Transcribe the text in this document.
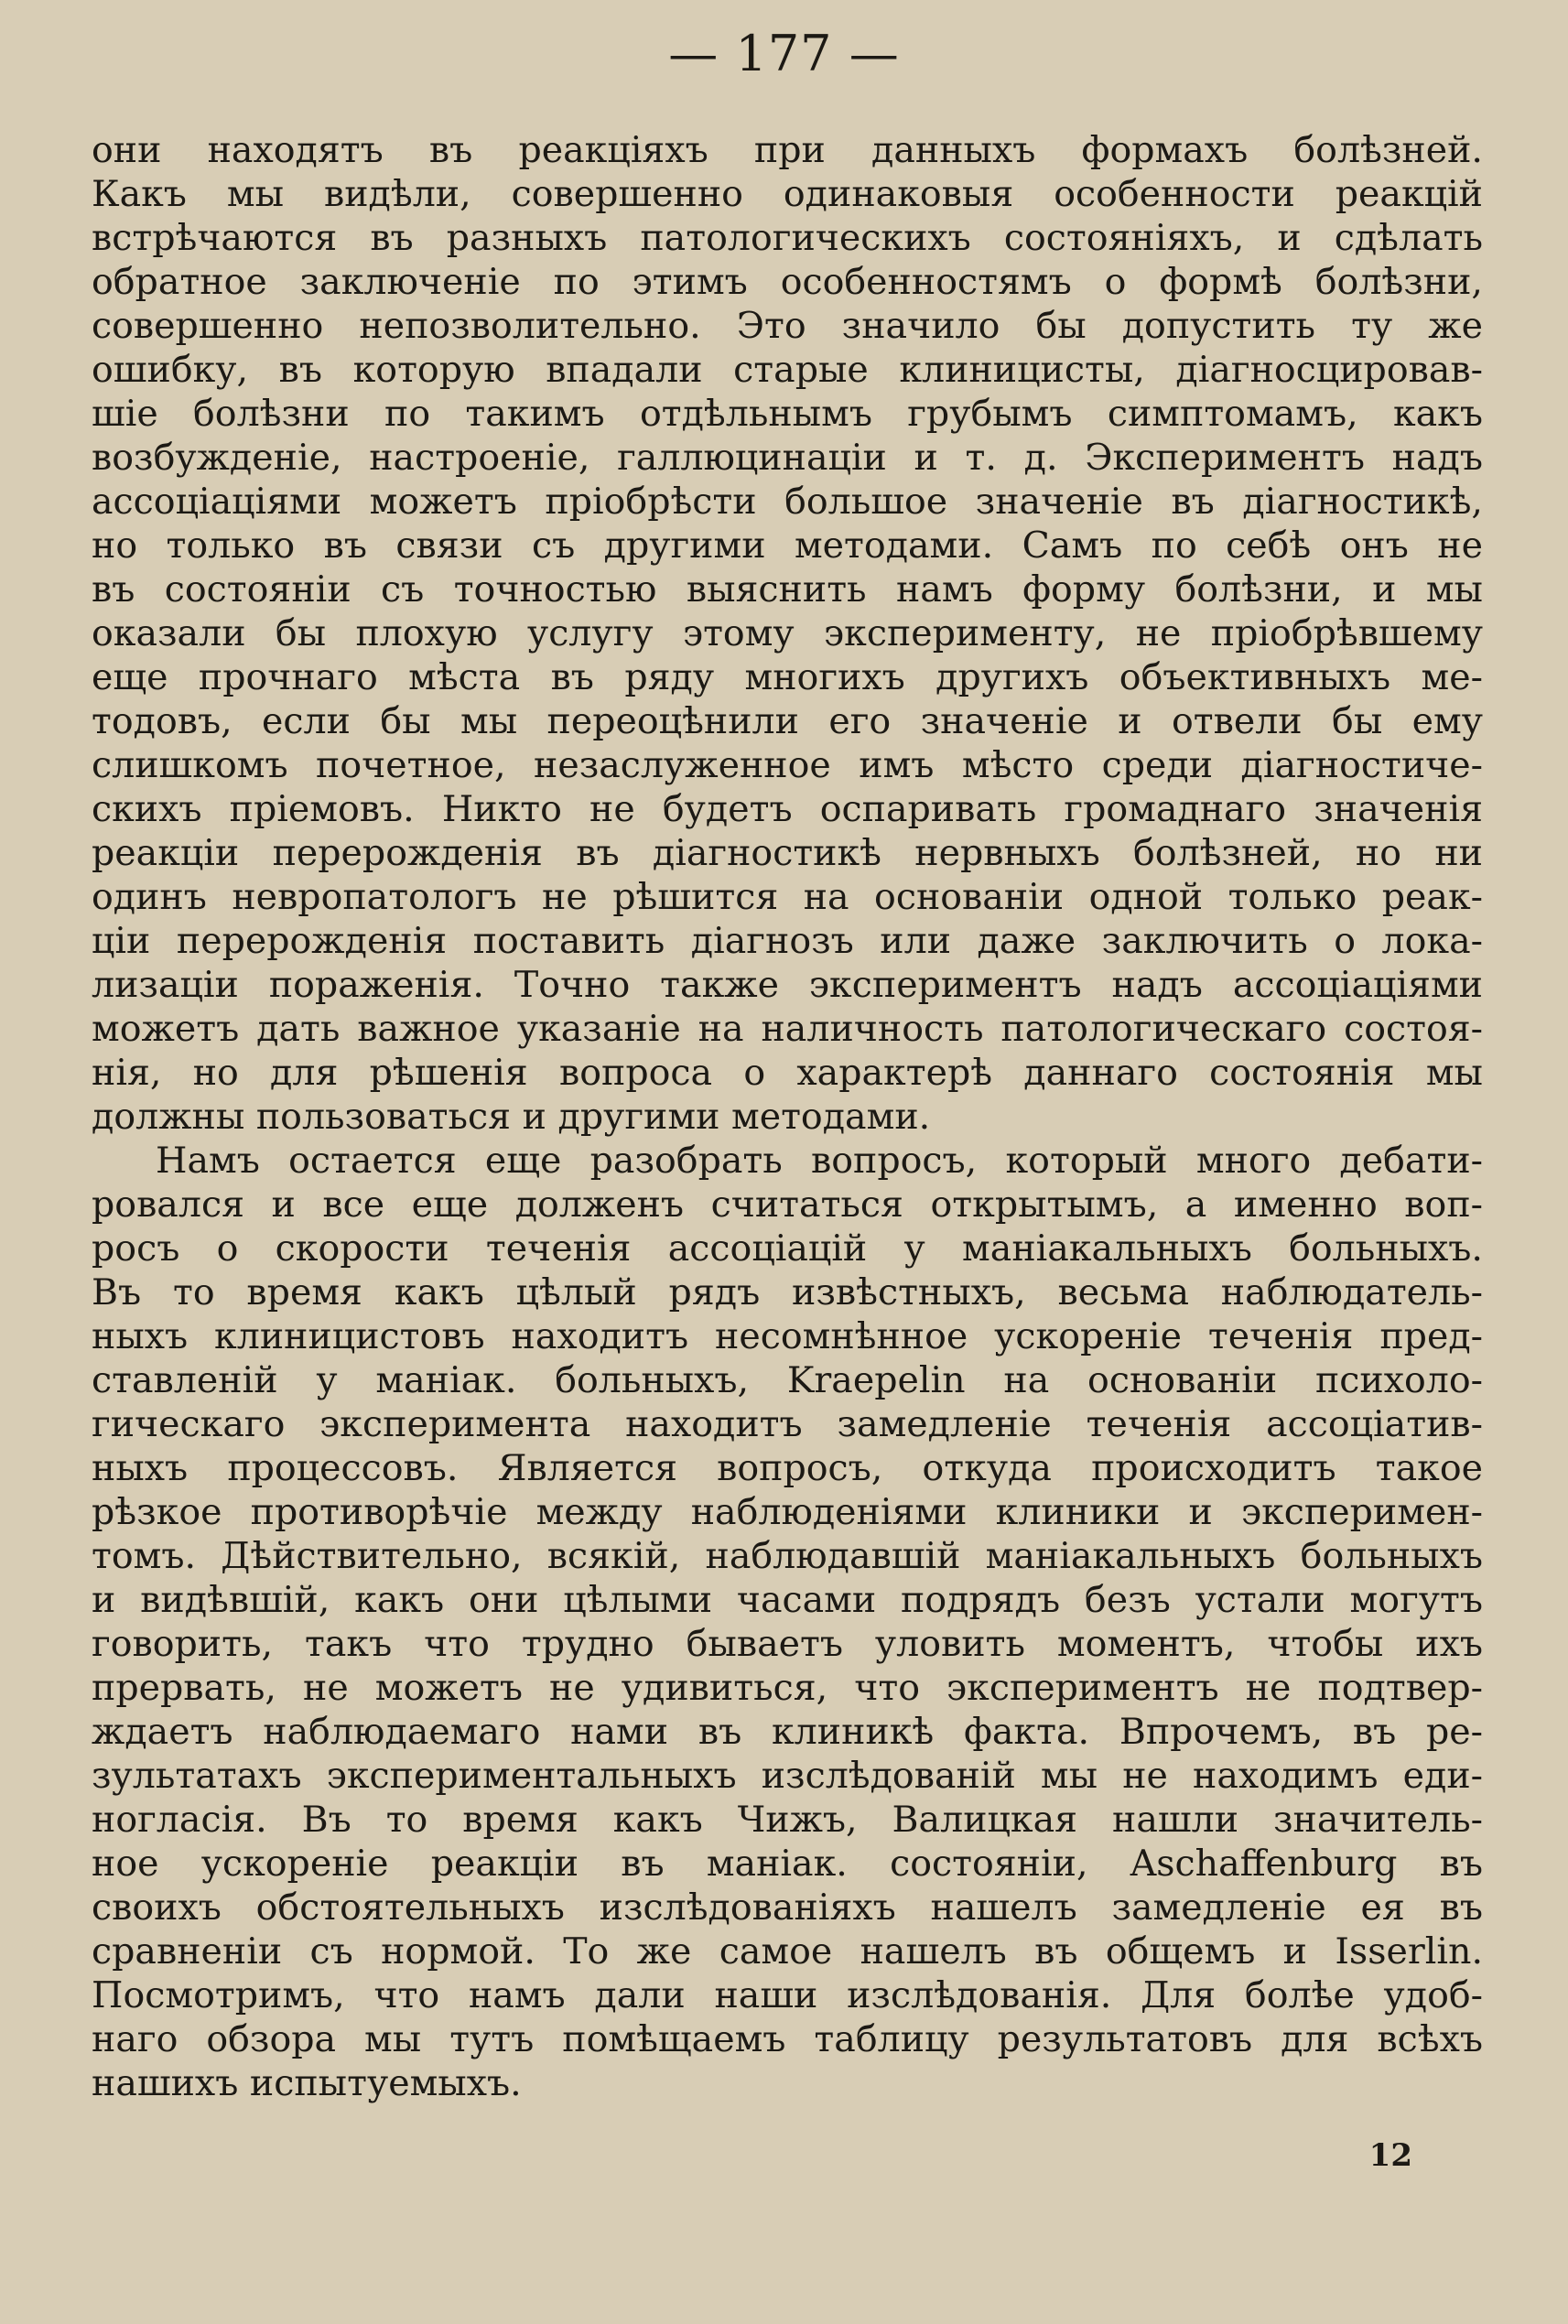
— 177 —
они находятъ въ реакціяхъ при данныхъ формахъ болѣзней.
Какъ мы видѣли, совершенно одинаковыя особенности реакцій
встрѣчаются въ разныхъ патологическихъ состояніяхъ, и сдѣлать
обратное заключеніе по этимъ особенностямъ о формѣ болѣзни,
совершенно непозволительно. Это значило бы допустить ту же
ошибку, въ которую впадали старые клиницисты, діагносцировав-
шіе болѣзни по такимъ отдѣльнымъ грубымъ симптомамъ, какъ
возбужденіе, настроеніе, галлюцинаціи и т. д. Экспериментъ надъ
ассоціаціями можетъ пріобрѣсти большое значеніе въ діагностикѣ,
но только въ связи съ другими методами. Самъ по себѣ онъ не
въ состояніи съ точностью выяснить намъ форму болѣзни, и мы
оказали бы плохую услугу этому эксперименту, не пріобрѣвшему
еще прочнаго мѣста въ ряду многихъ другихъ объективныхъ ме-
тодовъ, если бы мы переоцѣнили его значеніе и отвели бы ему
слишкомъ почетное, незаслуженное имъ мѣсто среди діагностиче-
скихъ пріемовъ. Никто не будетъ оспаривать громаднаго значенія
реакціи перерожденія въ діагностикѣ нервныхъ болѣзней, но ни
одинъ невропатологъ не рѣшится на основаніи одной только реак-
ціи перерожденія поставить діагнозъ или даже заключить о лока-
лизаціи пораженія. Точно также экспериментъ надъ ассоціаціями
можетъ дать важное указаніе на наличность патологическаго состоя-
нія, но для рѣшенія вопроса о характерѣ даннаго состоянія мы
должны пользоваться и другими методами.
Намъ остается еще разобрать вопросъ, который много дебати-
ровался и все еще долженъ считаться открытымъ, а именно воп-
росъ о скорости теченія ассоціацій у маніакальныхъ больныхъ.
Въ то время какъ цѣлый рядъ извѣстныхъ, весьма наблюдатель-
ныхъ клиницистовъ находитъ несомнѣнное ускореніе теченія пред-
ставленій у маніак. больныхъ, Kraepelin на основаніи психоло-
гическаго эксперимента находитъ замедленіе теченія ассоціатив-
ныхъ процессовъ. Является вопросъ, откуда происходитъ такое
рѣзкое противорѣчіе между наблюденіями клиники и эксперимен-
томъ. Дѣйствительно, всякій, наблюдавшій маніакальныхъ больныхъ
и видѣвшій, какъ они цѣлыми часами подрядъ безъ устали могутъ
говорить, такъ что трудно бываетъ уловить моментъ, чтобы ихъ
прервать, не можетъ не удивиться, что экспериментъ не подтвер-
ждаетъ наблюдаемаго нами въ клиникѣ факта. Впрочемъ, въ ре-
зультатахъ экспериментальныхъ изслѣдованій мы не находимъ еди-
ногласія. Въ то время какъ Чижъ, Валицкая нашли значитель-
ное ускореніе реакціи въ маніак. состояніи, Aschaffenburg въ
своихъ обстоятельныхъ изслѣдованіяхъ нашелъ замедленіе ея въ
сравненіи съ нормой. То же самое нашелъ въ общемъ и Isserlin.
Посмотримъ, что намъ дали наши изслѣдованія. Для болѣе удоб-
наго обзора мы тутъ помѣщаемъ таблицу результатовъ для всѣхъ
нашихъ испытуемыхъ.
12
